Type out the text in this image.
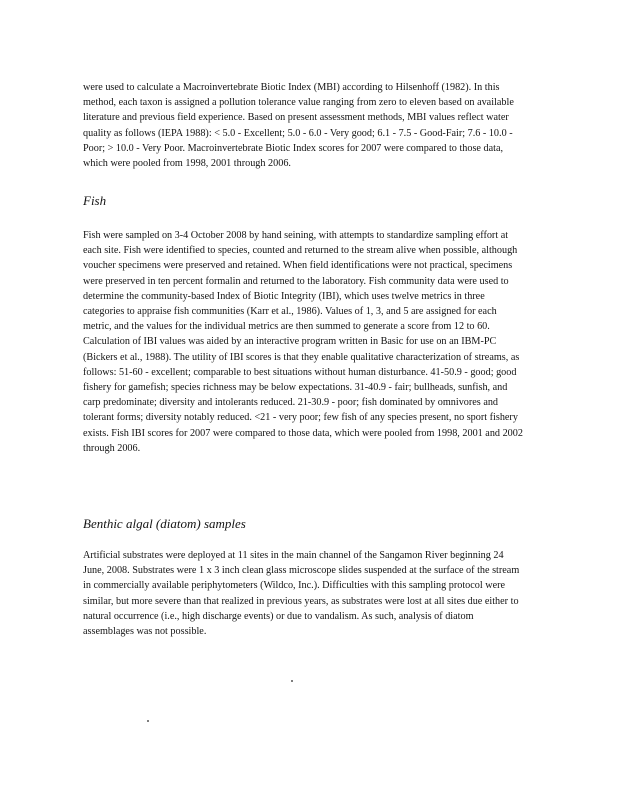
were used to calculate a Macroinvertebrate Biotic Index (MBI) according to Hilsenhoff (1982). In this method, each taxon is assigned a pollution tolerance value ranging from zero to eleven based on available literature and previous field experience. Based on present assessment methods, MBI values reflect water quality as follows (IEPA 1988): < 5.0 - Excellent; 5.0 - 6.0 - Very good; 6.1 - 7.5 - Good-Fair; 7.6 - 10.0 - Poor; > 10.0 - Very Poor. Macroinvertebrate Biotic Index scores for 2007 were compared to those data, which were pooled from 1998, 2001 through 2006.

Fish

Fish were sampled on 3-4 October 2008 by hand seining, with attempts to standardize sampling effort at each site. Fish were identified to species, counted and returned to the stream alive when possible, although voucher specimens were preserved and retained. When field identifications were not practical, specimens were preserved in ten percent formalin and returned to the laboratory. Fish community data were used to determine the community-based Index of Biotic Integrity (IBI), which uses twelve metrics in three categories to appraise fish communities (Karr et al., 1986). Values of 1, 3, and 5 are assigned for each metric, and the values for the individual metrics are then summed to generate a score from 12 to 60. Calculation of IBI values was aided by an interactive program written in Basic for use on an IBM-PC (Bickers et al., 1988). The utility of IBI scores is that they enable qualitative characterization of streams, as follows: 51-60 - excellent; comparable to best situations without human disturbance. 41-50.9 - good; good fishery for gamefish; species richness may be below expectations. 31-40.9 - fair; bullheads, sunfish, and carp predominate; diversity and intolerants reduced. 21-30.9 - poor; fish dominated by omnivores and tolerant forms; diversity notably reduced. <21 - very poor; few fish of any species present, no sport fishery exists. Fish IBI scores for 2007 were compared to those data, which were pooled from 1998, 2001 and 2002 through 2006.

Benthic algal (diatom) samples

Artificial substrates were deployed at 11 sites in the main channel of the Sangamon River beginning 24 June, 2008. Substrates were 1 x 3 inch clean glass microscope slides suspended at the surface of the stream in commercially available periphytometers (Wildco, Inc.). Difficulties with this sampling protocol were similar, but more severe than that realized in previous years, as substrates were lost at all sites due either to natural occurrence (i.e., high discharge events) or due to vandalism. As such, analysis of diatom assemblages was not possible.
